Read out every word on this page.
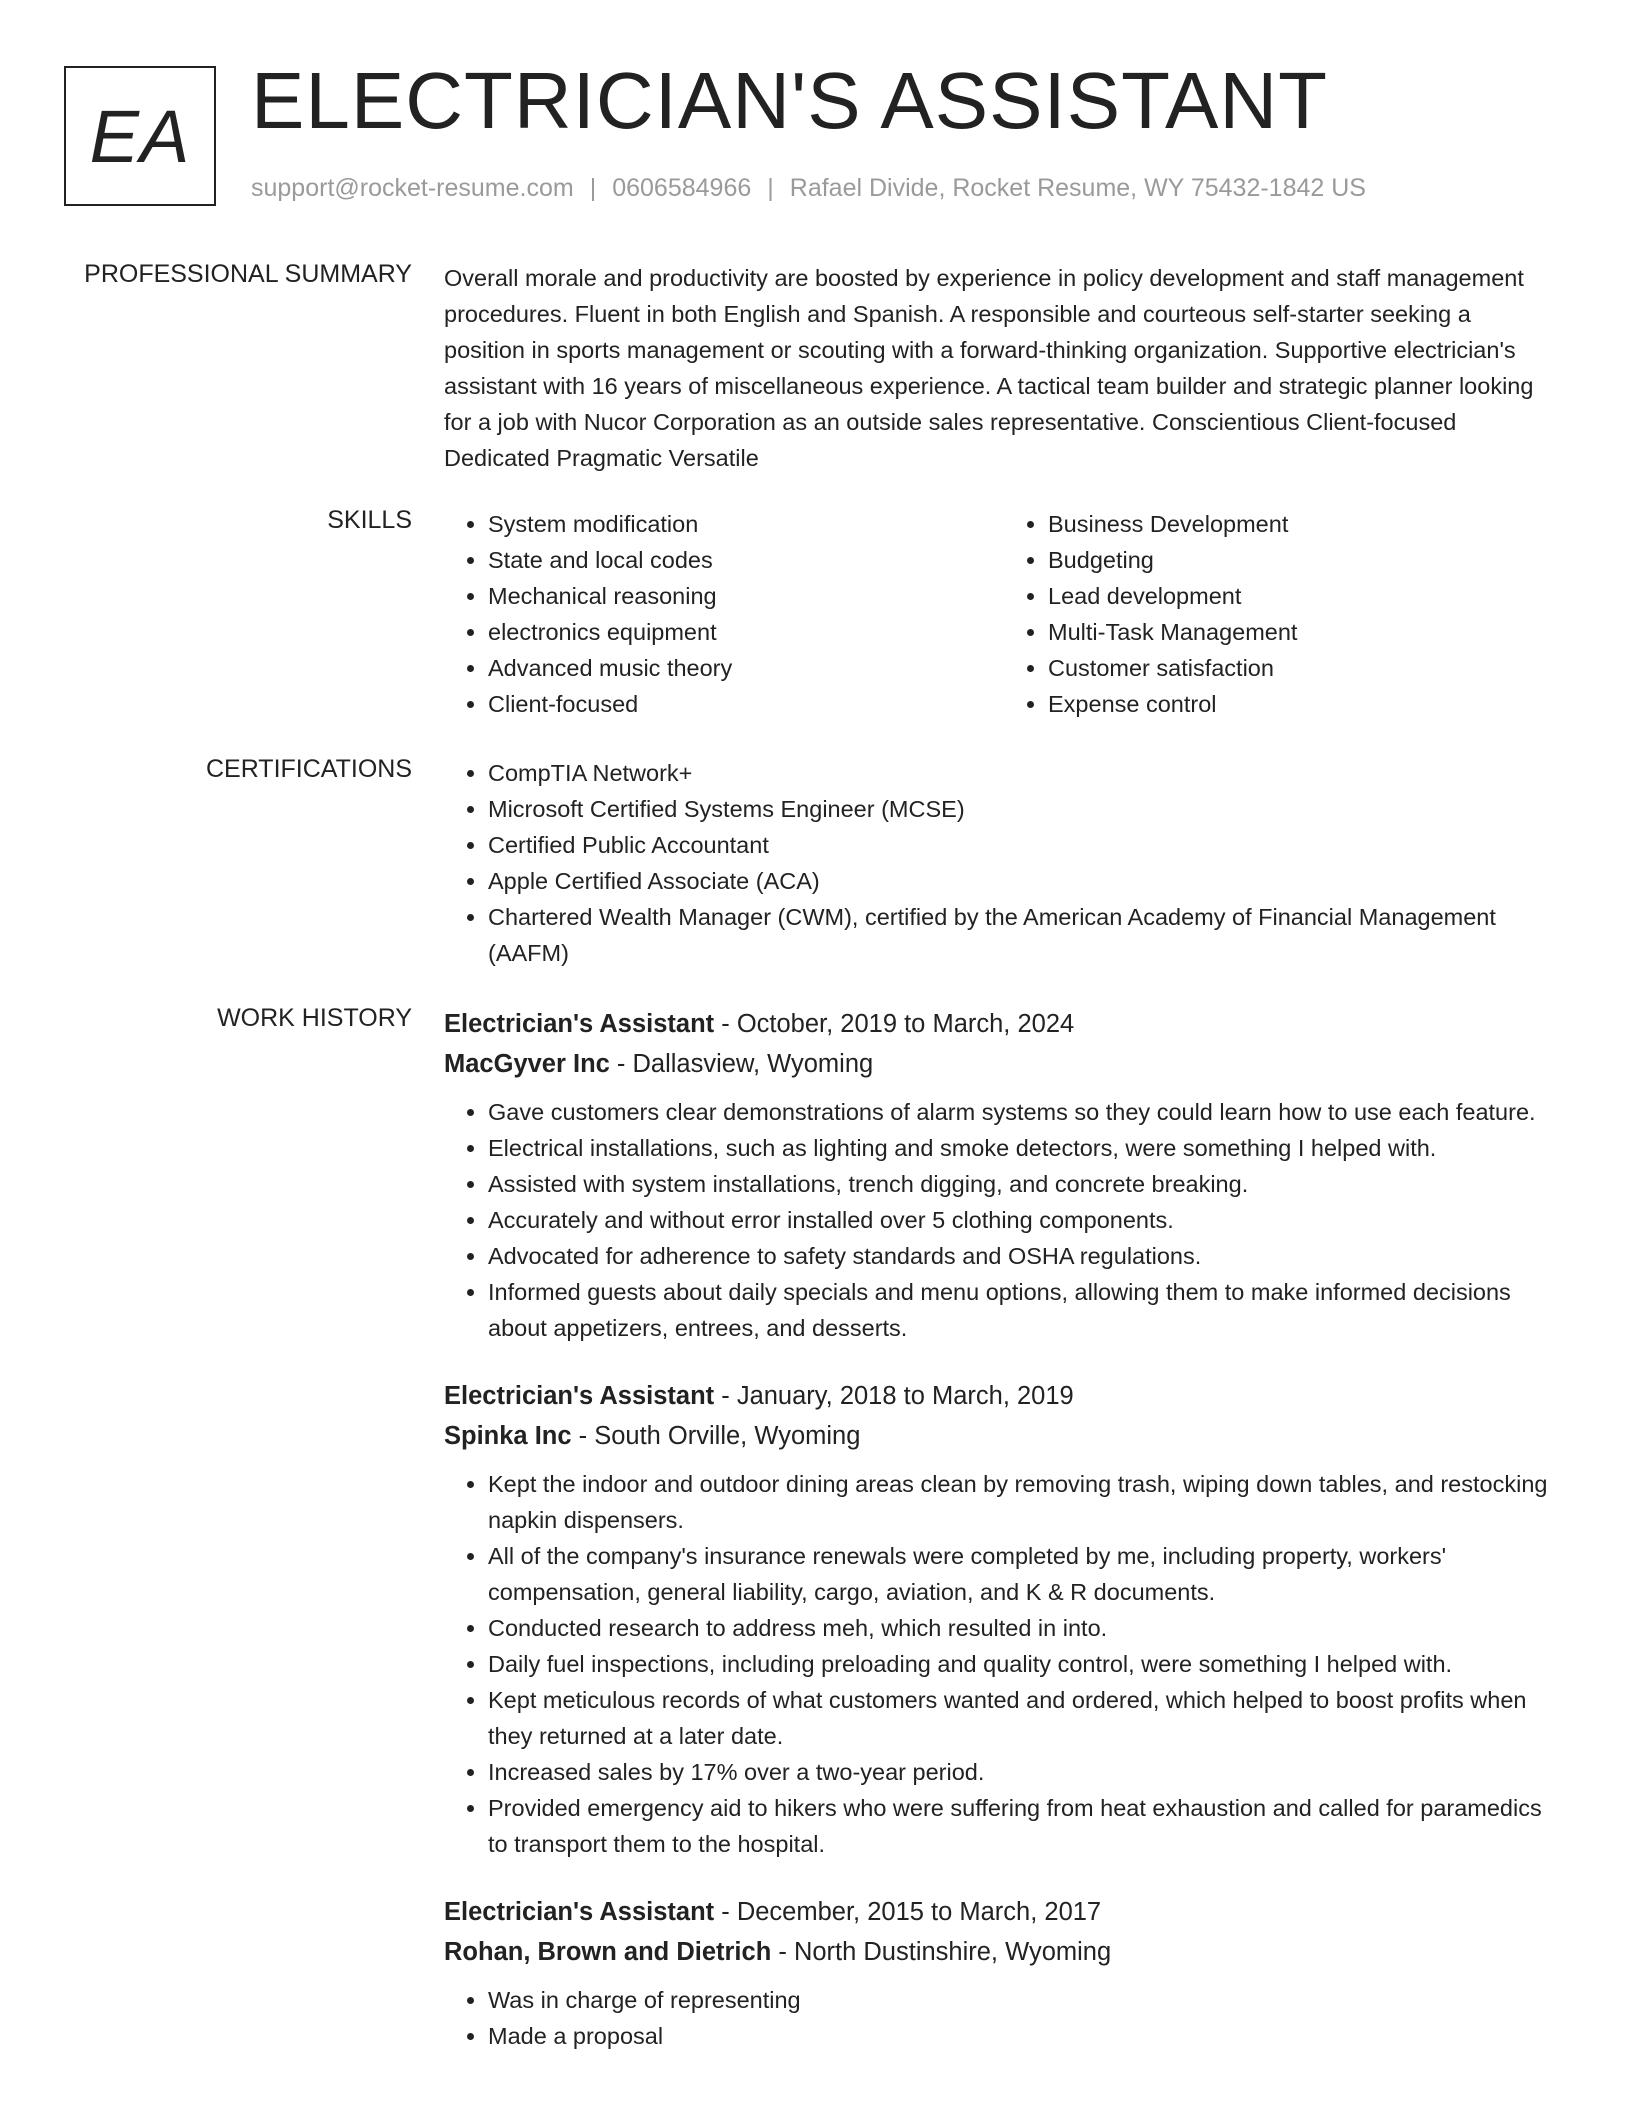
EA ELECTRICIAN'S ASSISTANT
support@rocket-resume.com | 0606584966 | Rafael Divide, Rocket Resume, WY 75432-1842 US
PROFESSIONAL SUMMARY Overall morale and productivity are boosted by experience in policy development and staff management procedures. Fluent in both English and Spanish. A responsible and courteous self-starter seeking a position in sports management or scouting with a forward-thinking organization. Supportive electrician's assistant with 16 years of miscellaneous experience. A tactical team builder and strategic planner looking for a job with Nucor Corporation as an outside sales representative. Conscientious Client-focused Dedicated Pragmatic Versatile
SKILLS	• System modification
• State and local codes
• Mechanical reasoning
• electronics equipment
• Advanced music theory
• Client-focused
• Business Development
• Budgeting
• Lead development
• Multi-Task Management
• Customer satisfaction
• Expense control
CERTIFICATIONS	• CompTIA Network+
• Microsoft Certified Systems Engineer (MCSE)
• Certified Public Accountant
• Apple Certified Associate (ACA)
• Chartered Wealth Manager (CWM), certified by the American Academy of Financial Management (AAFM)
WORK HISTORY Electrician's Assistant - October, 2019 to March, 2024
MacGyver Inc - Dallasview, Wyoming
• Gave customers clear demonstrations of alarm systems so they could learn how to use each feature.
• Electrical installations, such as lighting and smoke detectors, were something I helped with.
• Assisted with system installations, trench digging, and concrete breaking.
• Accurately and without error installed over 5 clothing components.
• Advocated for adherence to safety standards and OSHA regulations.
• Informed guests about daily specials and menu options, allowing them to make informed decisions about appetizers, entrees, and desserts.
Electrician's Assistant - January, 2018 to March, 2019
Spinka Inc - South Orville, Wyoming
• Kept the indoor and outdoor dining areas clean by removing trash, wiping down tables, and restocking napkin dispensers.
• All of the company's insurance renewals were completed by me, including property, workers' compensation, general liability, cargo, aviation, and K & R documents.
• Conducted research to address meh, which resulted in into.
• Daily fuel inspections, including preloading and quality control, were something I helped with.
• Kept meticulous records of what customers wanted and ordered, which helped to boost profits when they returned at a later date.
• Increased sales by 17% over a two-year period.
• Provided emergency aid to hikers who were suffering from heat exhaustion and called for paramedics to transport them to the hospital.
Electrician's Assistant - December, 2015 to March, 2017
Rohan, Brown and Dietrich - North Dustinshire, Wyoming
• Was in charge of representing
• Made a proposal
